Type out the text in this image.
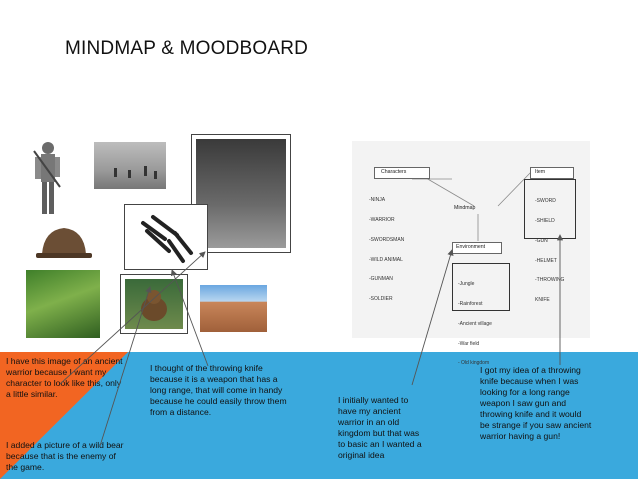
MINDMAP & MOODBOARD
Characters

-NINJA

-WARRIOR

-SWORDSMAN

-WILD ANIMAL

-GUNMAN

-SOLDIER

Item

-SWORD

-SHIELD

-GUN

-HELMET

-THROWING

KNIFE

Mindmap
Environment

-Jungle

-Rainforest

-Ancient village

-War field

- Old kingdom

I have this image of an ancient warrior because I want my character to look like this, only a little similar.
I added a picture of a wild bear because that is the enemy of the game.
I thought of the throwing knife because it is a weapon that has a long range, that will come in handy because he could easily throw them from a distance.
I initially wanted to have my ancient warrior in an old kingdom but that was to basic an I wanted a original idea
I got my idea of a throwing knife because when I was looking for a long range weapon I saw gun and throwing knife and it would be strange if you saw ancient warrior having a gun!
